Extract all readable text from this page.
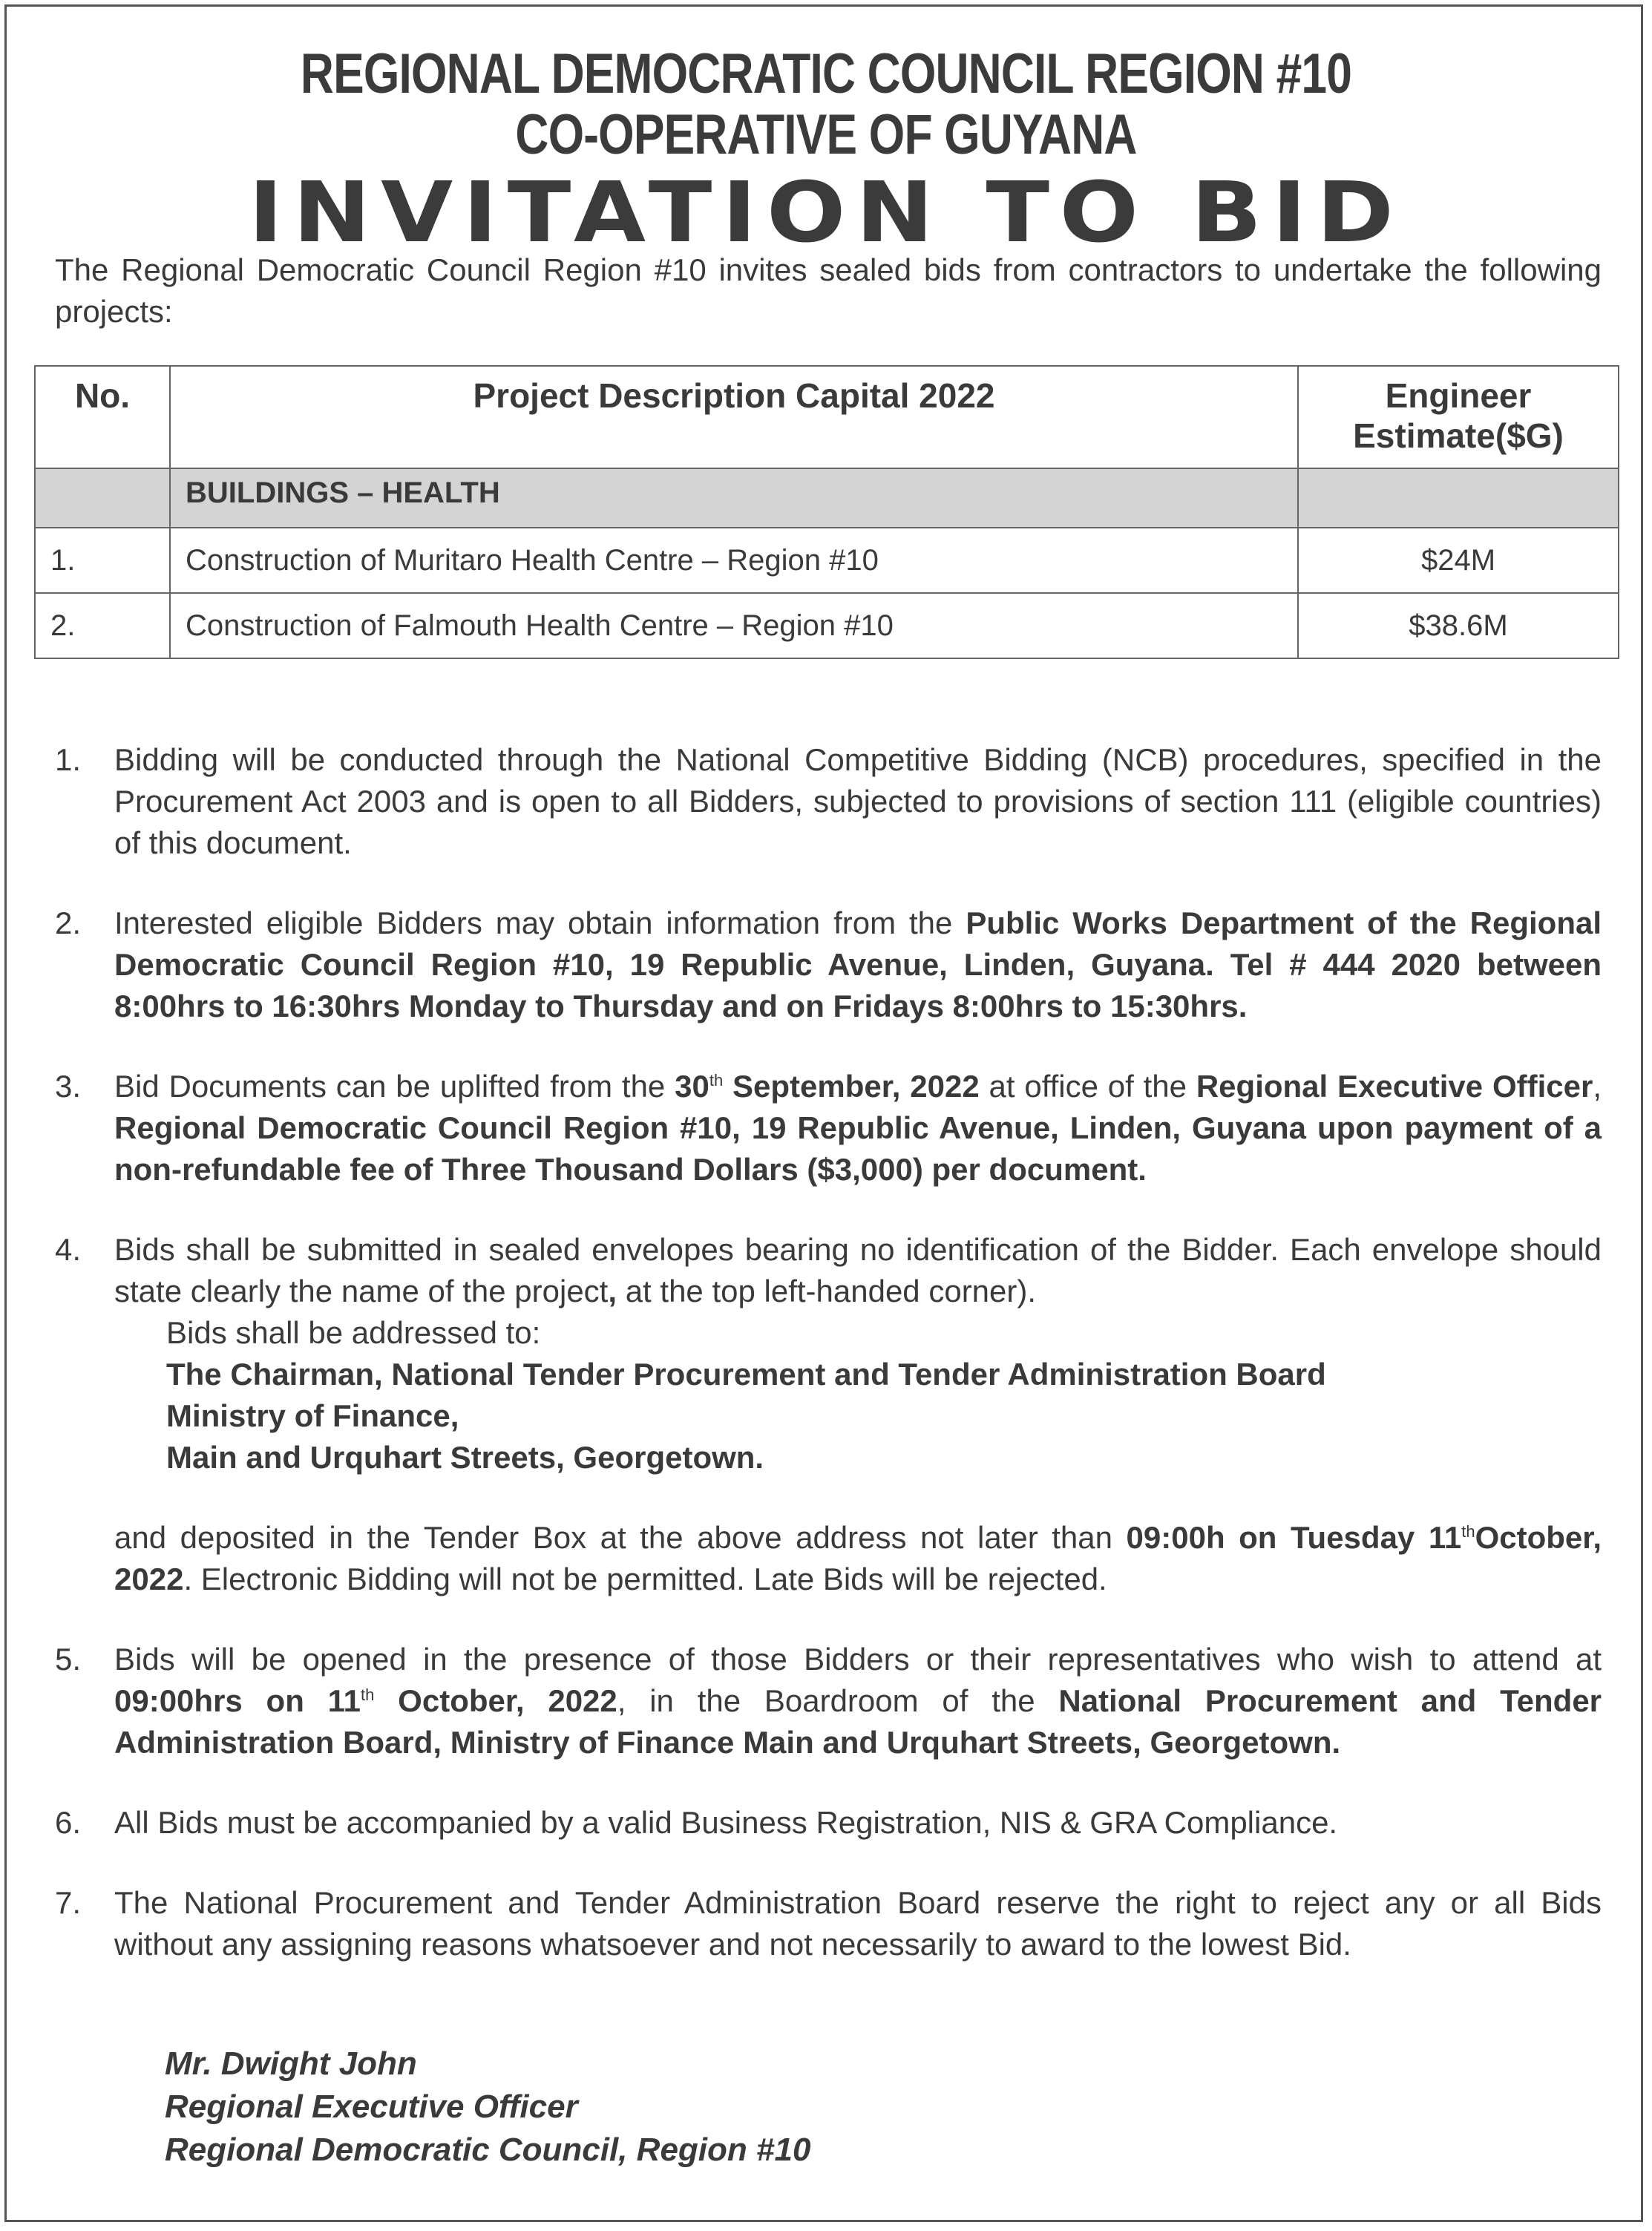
REGIONAL DEMOCRATIC COUNCIL REGION #10
CO-OPERATIVE OF GUYANA
INVITATION TO BID
The Regional Democratic Council Region #10 invites sealed bids from contractors to undertake the following projects:
No.	Project Description Capital 2022	Engineer Estimate($G)
	BUILDINGS – HEALTH	
1.	Construction of Muritaro Health Centre – Region #10	$24M
2.	Construction of Falmouth Health Centre – Region #10	$38.6M
1. Bidding will be conducted through the National Competitive Bidding (NCB) procedures, specified in the Procurement Act 2003 and is open to all Bidders, subjected to provisions of section 111 (eligible countries) of this document.
2. Interested eligible Bidders may obtain information from the Public Works Department of the Regional Democratic Council Region #10, 19 Republic Avenue, Linden, Guyana. Tel # 444 2020 between 8:00hrs to 16:30hrs Monday to Thursday and on Fridays 8:00hrs to 15:30hrs.
3. Bid Documents can be uplifted from the 30th September, 2022 at office of the Regional Executive Officer, Regional Democratic Council Region #10, 19 Republic Avenue, Linden, Guyana upon payment of a non-refundable fee of Three Thousand Dollars ($3,000) per document.
4. Bids shall be submitted in sealed envelopes bearing no identification of the Bidder. Each envelope should state clearly the name of the project, at the top left-handed corner).
Bids shall be addressed to:
The Chairman, National Tender Procurement and Tender Administration Board
Ministry of Finance,
Main and Urquhart Streets, Georgetown.
and deposited in the Tender Box at the above address not later than 09:00h on Tuesday 11thOctober, 2022. Electronic Bidding will not be permitted. Late Bids will be rejected.
5. Bids will be opened in the presence of those Bidders or their representatives who wish to attend at 09:00hrs on 11th October, 2022, in the Boardroom of the National Procurement and Tender Administration Board, Ministry of Finance Main and Urquhart Streets, Georgetown.
6. All Bids must be accompanied by a valid Business Registration, NIS & GRA Compliance.
7. The National Procurement and Tender Administration Board reserve the right to reject any or all Bids without any assigning reasons whatsoever and not necessarily to award to the lowest Bid.
Mr. Dwight John
Regional Executive Officer
Regional Democratic Council, Region #10
